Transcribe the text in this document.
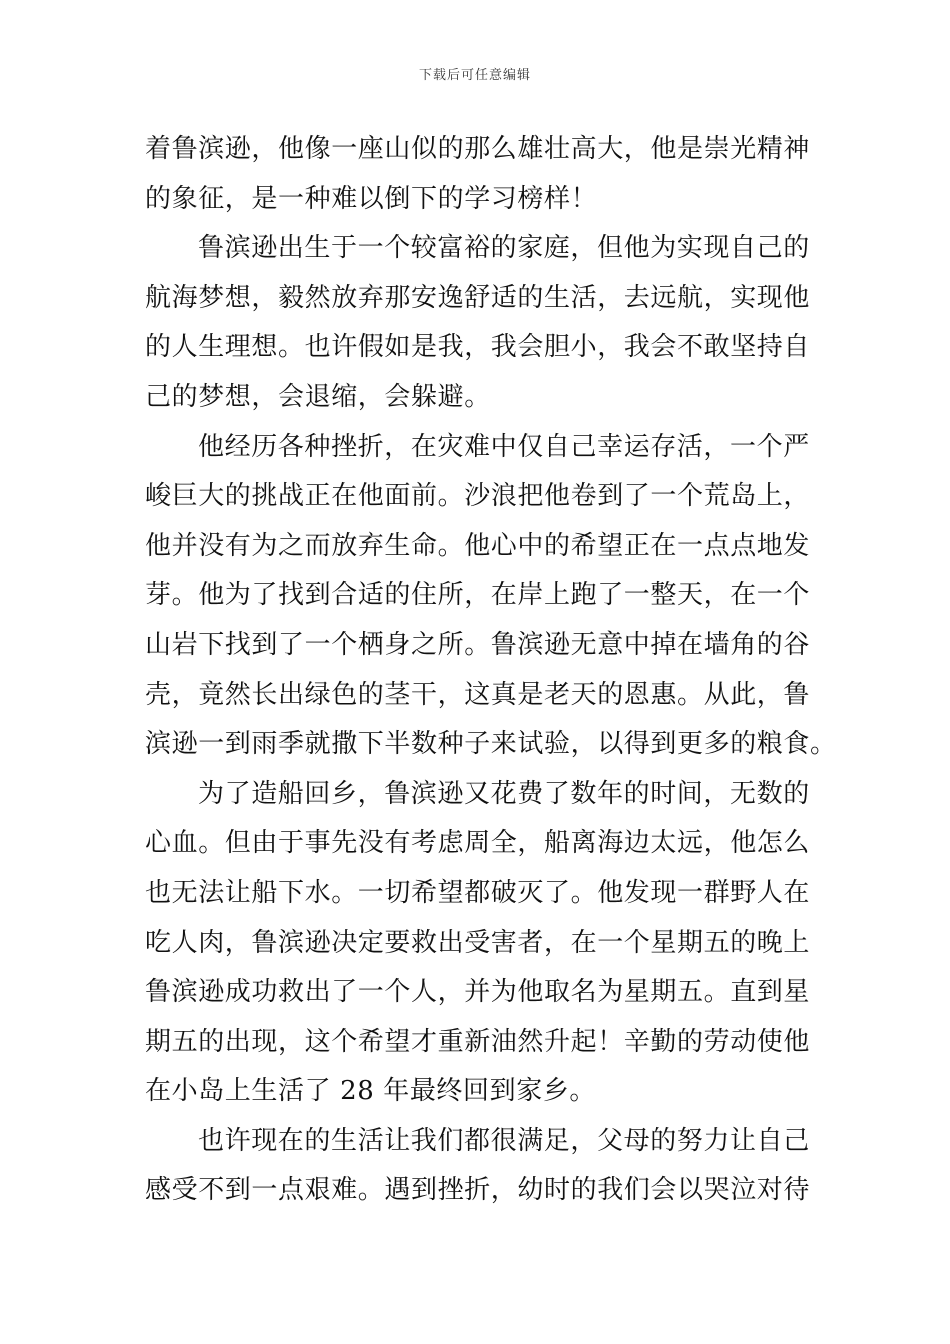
下载后可任意编辑
着鲁滨逊，他像一座山似的那么雄壮高大，他是崇光精神
的象征，是一种难以倒下的学习榜样！
鲁滨逊出生于一个较富裕的家庭，但他为实现自己的
航海梦想，毅然放弃那安逸舒适的生活，去远航，实现他
的人生理想。也许假如是我，我会胆小，我会不敢坚持自
己的梦想，会退缩，会躲避。
他经历各种挫折，在灾难中仅自己幸运存活，一个严
峻巨大的挑战正在他面前。沙浪把他卷到了一个荒岛上，
他并没有为之而放弃生命。他心中的希望正在一点点地发
芽。他为了找到合适的住所，在岸上跑了一整天，在一个
山岩下找到了一个栖身之所。鲁滨逊无意中掉在墙角的谷
壳，竟然长出绿色的茎干，这真是老天的恩惠。从此，鲁
滨逊一到雨季就撒下半数种子来试验，以得到更多的粮食。
为了造船回乡，鲁滨逊又花费了数年的时间，无数的
心血。但由于事先没有考虑周全，船离海边太远，他怎么
也无法让船下水。一切希望都破灭了。他发现一群野人在
吃人肉，鲁滨逊决定要救出受害者，在一个星期五的晚上
鲁滨逊成功救出了一个人，并为他取名为星期五。直到星
期五的出现，这个希望才重新油然升起！辛勤的劳动使他
在小岛上生活了 28 年最终回到家乡。
也许现在的生活让我们都很满足，父母的努力让自己
感受不到一点艰难。遇到挫折，幼时的我们会以哭泣对待
